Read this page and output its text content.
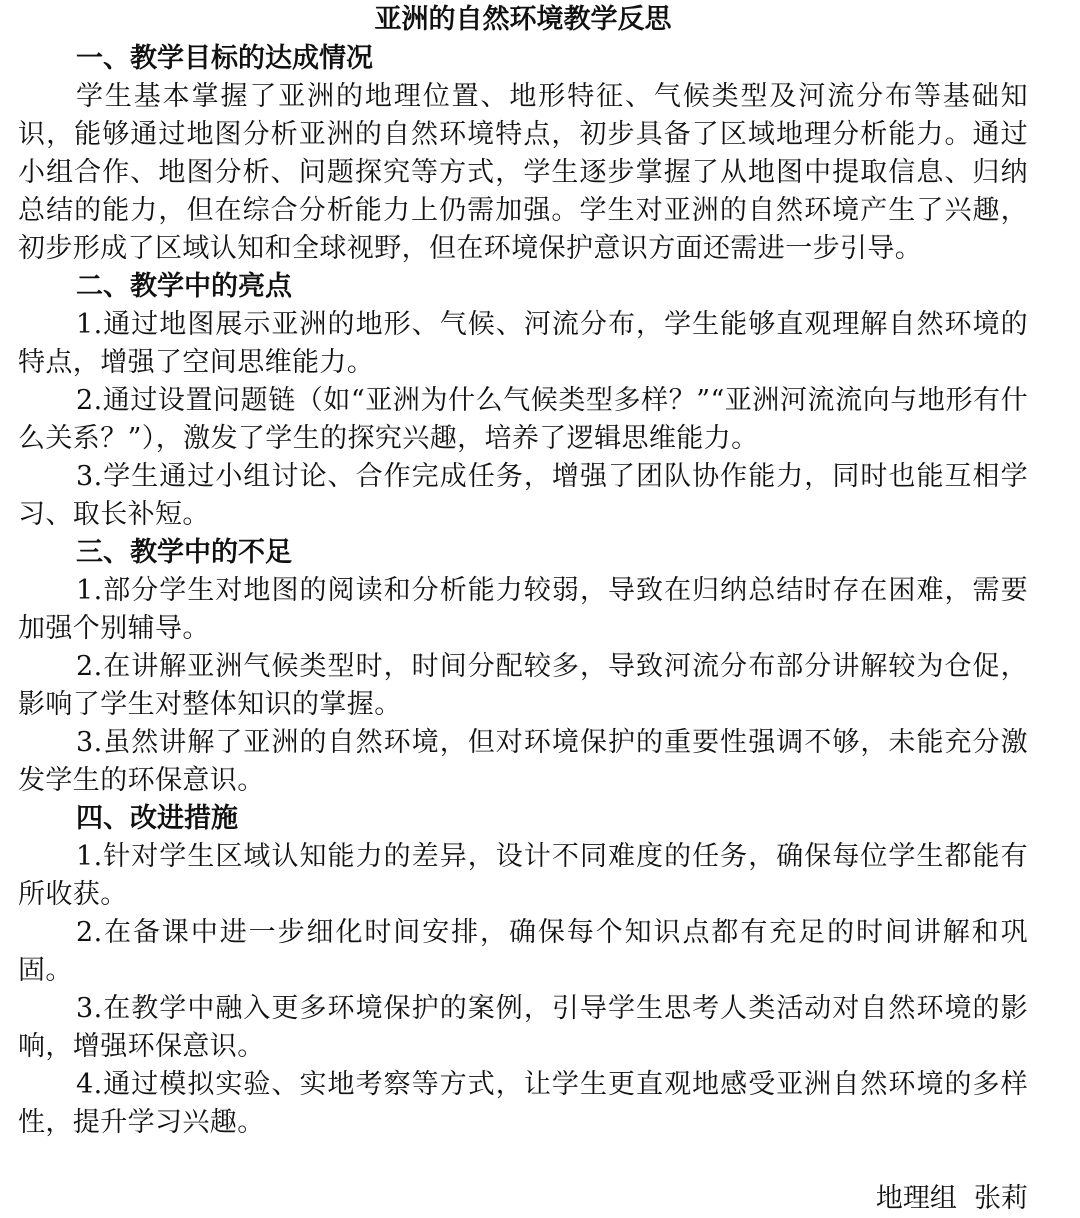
亚洲的自然环境教学反思
一、教学目标的达成情况

学生基本掌握了亚洲的地理位置、地形特征、气候类型及河流分布等基础知识，能够通过地图分析亚洲的自然环境特点，初步具备了区域地理分析能力。通过小组合作、地图分析、问题探究等方式，学生逐步掌握了从地图中提取信息、归纳总结的能力，但在综合分析能力上仍需加强。学生对亚洲的自然环境产生了兴趣，初步形成了区域认知和全球视野，但在环境保护意识方面还需进一步引导。

二、教学中的亮点

1.通过地图展示亚洲的地形、气候、河流分布，学生能够直观理解自然环境的特点，增强了空间思维能力。

2.通过设置问题链（如“亚洲为什么气候类型多样？”“亚洲河流流向与地形有什么关系？”），激发了学生的探究兴趣，培养了逻辑思维能力。

3.学生通过小组讨论、合作完成任务，增强了团队协作能力，同时也能互相学习、取长补短。

三、教学中的不足

1.部分学生对地图的阅读和分析能力较弱，导致在归纳总结时存在困难，需要加强个别辅导。

2.在讲解亚洲气候类型时，时间分配较多，导致河流分布部分讲解较为仓促，影响了学生对整体知识的掌握。

3.虽然讲解了亚洲的自然环境，但对环境保护的重要性强调不够，未能充分激发学生的环保意识。

四、改进措施

1.针对学生区域认知能力的差异，设计不同难度的任务，确保每位学生都能有所收获。

2.在备课中进一步细化时间安排，确保每个知识点都有充足的时间讲解和巩固。

3.在教学中融入更多环境保护的案例，引导学生思考人类活动对自然环境的影响，增强环保意识。

4.通过模拟实验、实地考察等方式，让学生更直观地感受亚洲自然环境的多样性，提升学习兴趣。

地理组  张莉
